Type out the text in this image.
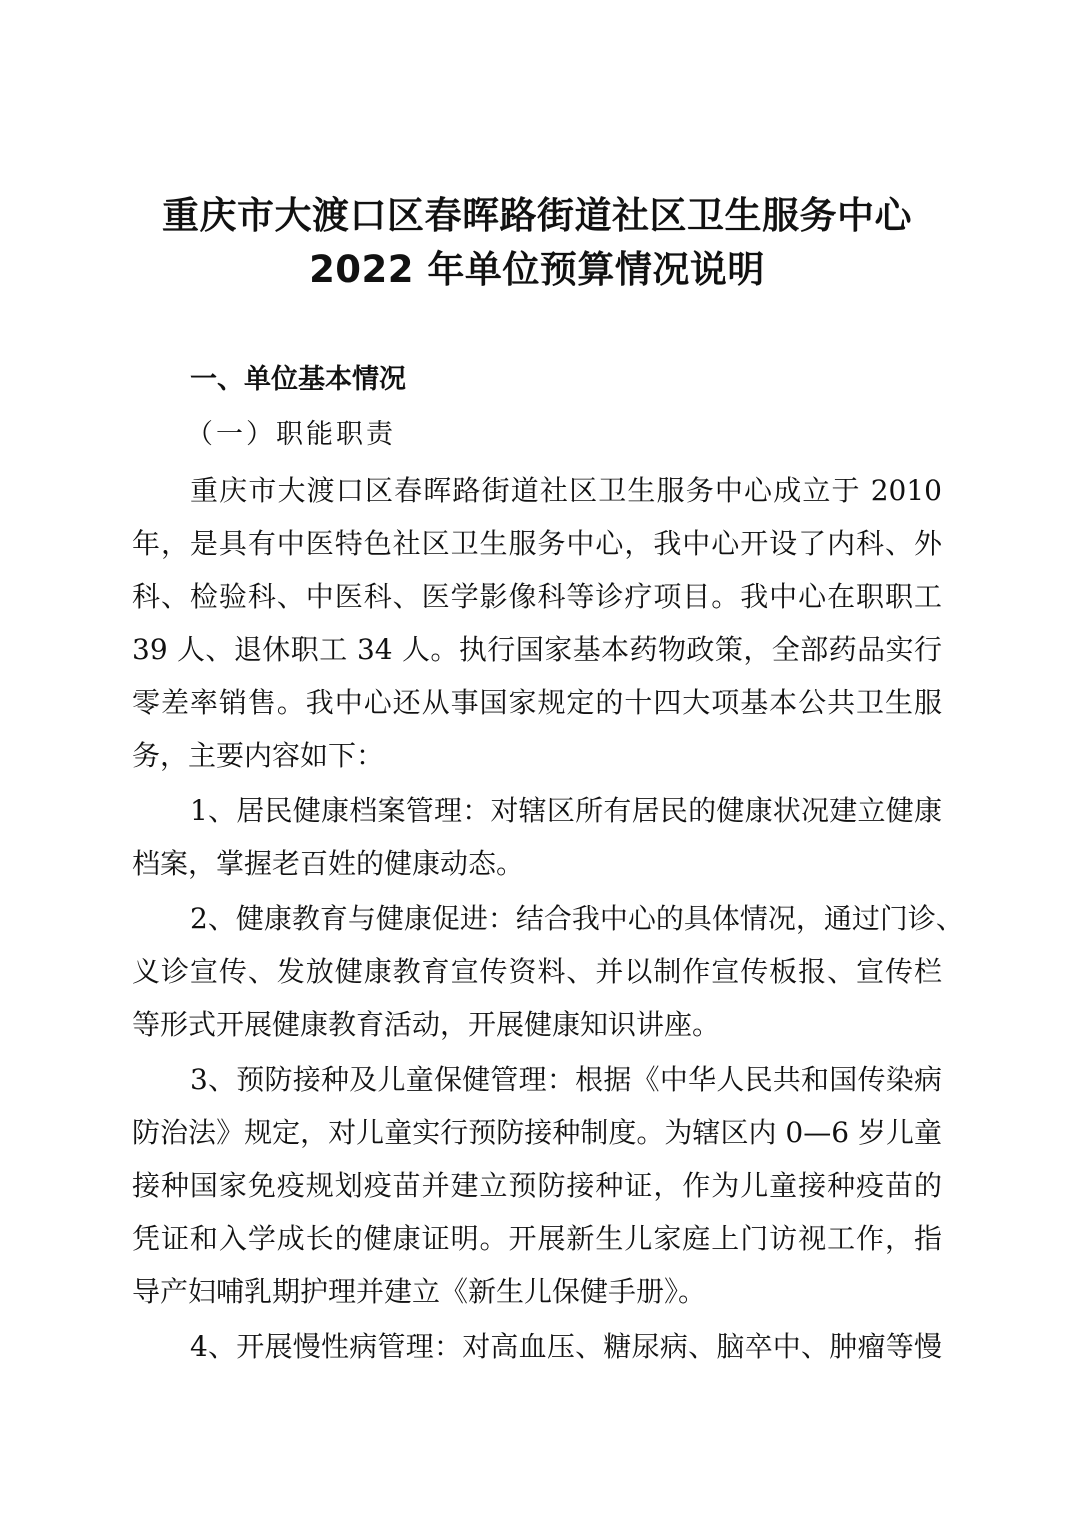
重庆市大渡口区春晖路街道社区卫生服务中心
2022 年单位预算情况说明
一、单位基本情况
（一）职能职责
重庆市大渡口区春晖路街道社区卫生服务中心成立于 2010
年，是具有中医特色社区卫生服务中心，我中心开设了内科、外
科、检验科、中医科、医学影像科等诊疗项目。我中心在职职工
39 人、退休职工 34 人。执行国家基本药物政策，全部药品实行
零差率销售。我中心还从事国家规定的十四大项基本公共卫生服
务，主要内容如下：
1、居民健康档案管理：对辖区所有居民的健康状况建立健康
档案，掌握老百姓的健康动态。
2、健康教育与健康促进：结合我中心的具体情况，通过门诊、
义诊宣传、发放健康教育宣传资料、并以制作宣传板报、宣传栏
等形式开展健康教育活动，开展健康知识讲座。
3、预防接种及儿童保健管理：根据《中华人民共和国传染病
防治法》规定，对儿童实行预防接种制度。为辖区内 0—6 岁儿童
接种国家免疫规划疫苗并建立预防接种证，作为儿童接种疫苗的
凭证和入学成长的健康证明。开展新生儿家庭上门访视工作，指
导产妇哺乳期护理并建立《新生儿保健手册》。
4、开展慢性病管理：对高血压、糖尿病、脑卒中、肿瘤等慢
